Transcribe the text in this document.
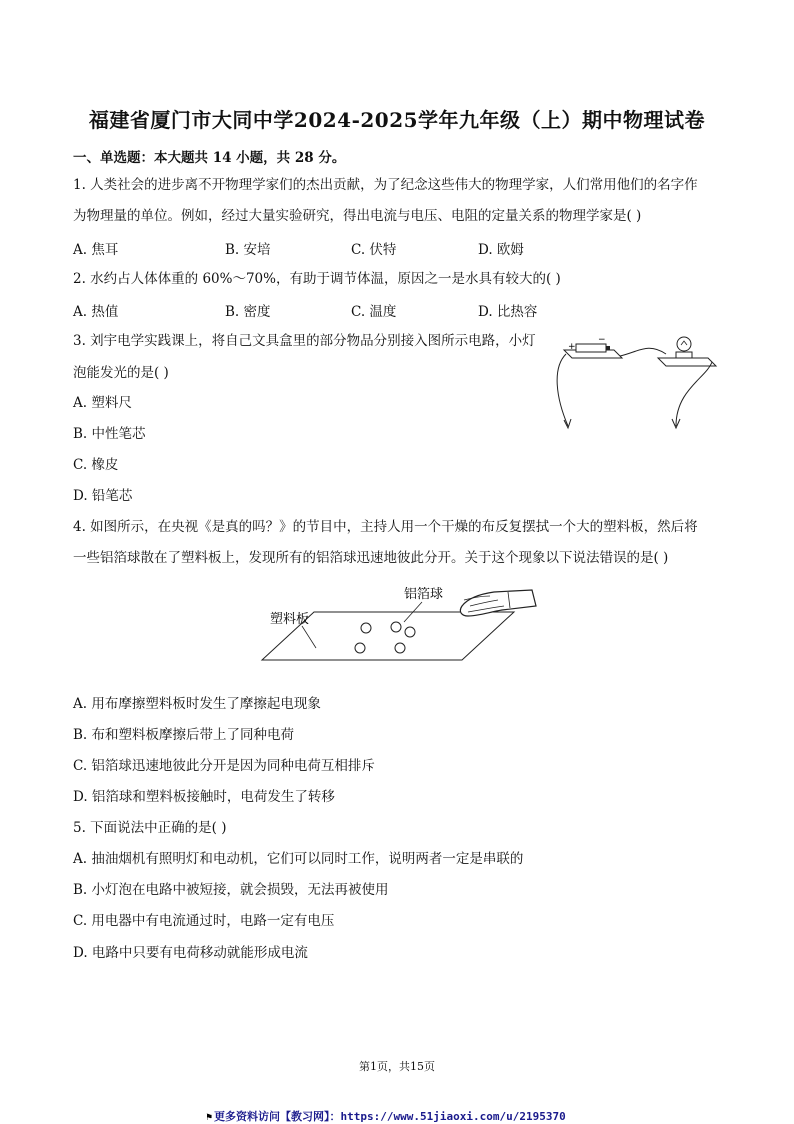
福建省厦门市大同中学2024-2025学年九年级（上）期中物理试卷
一、单选题：本大题共 14 小题，共 28 分。
1. 人类社会的进步离不开物理学家们的杰出贡献，为了纪念这些伟大的物理学家，人们常用他们的名字作
为物理量的单位。例如，经过大量实验研究，得出电流与电压、电阻的定量关系的物理学家是( )
A. 焦耳	B. 安培	C. 伏特	D. 欧姆
2. 水约占人体体重的 60%～70%，有助于调节体温，原因之一是水具有较大的( )
A. 热值	B. 密度	C. 温度	D. 比热容
3. 刘宇电学实践课上，将自己文具盒里的部分物品分别接入图所示电路，小灯
泡能发光的是( )
A. 塑料尺
B. 中性笔芯
C. 橡皮
D. 铅笔芯
+
−
4. 如图所示，在央视《是真的吗？》的节目中，主持人用一个干燥的布反复摆拭一个大的塑料板，然后将
一些铝箔球散在了塑料板上，发现所有的铝箔球迅速地彼此分开。关于这个现象以下说法错误的是( )
塑料板
铝箔球
A. 用布摩擦塑料板时发生了摩擦起电现象
B. 布和塑料板摩擦后带上了同种电荷
C. 铝箔球迅速地彼此分开是因为同种电荷互相排斥
D. 铝箔球和塑料板接触时，电荷发生了转移
5. 下面说法中正确的是( )
A. 抽油烟机有照明灯和电动机，它们可以同时工作，说明两者一定是串联的
B. 小灯泡在电路中被短接，就会损毁，无法再被使用
C. 用电器中有电流通过时，电路一定有电压
D. 电路中只要有电荷移动就能形成电流
第1页，共15页
⚑ 更多资料访问【教习网】：https://www.51jiaoxi.com/u/2195370
